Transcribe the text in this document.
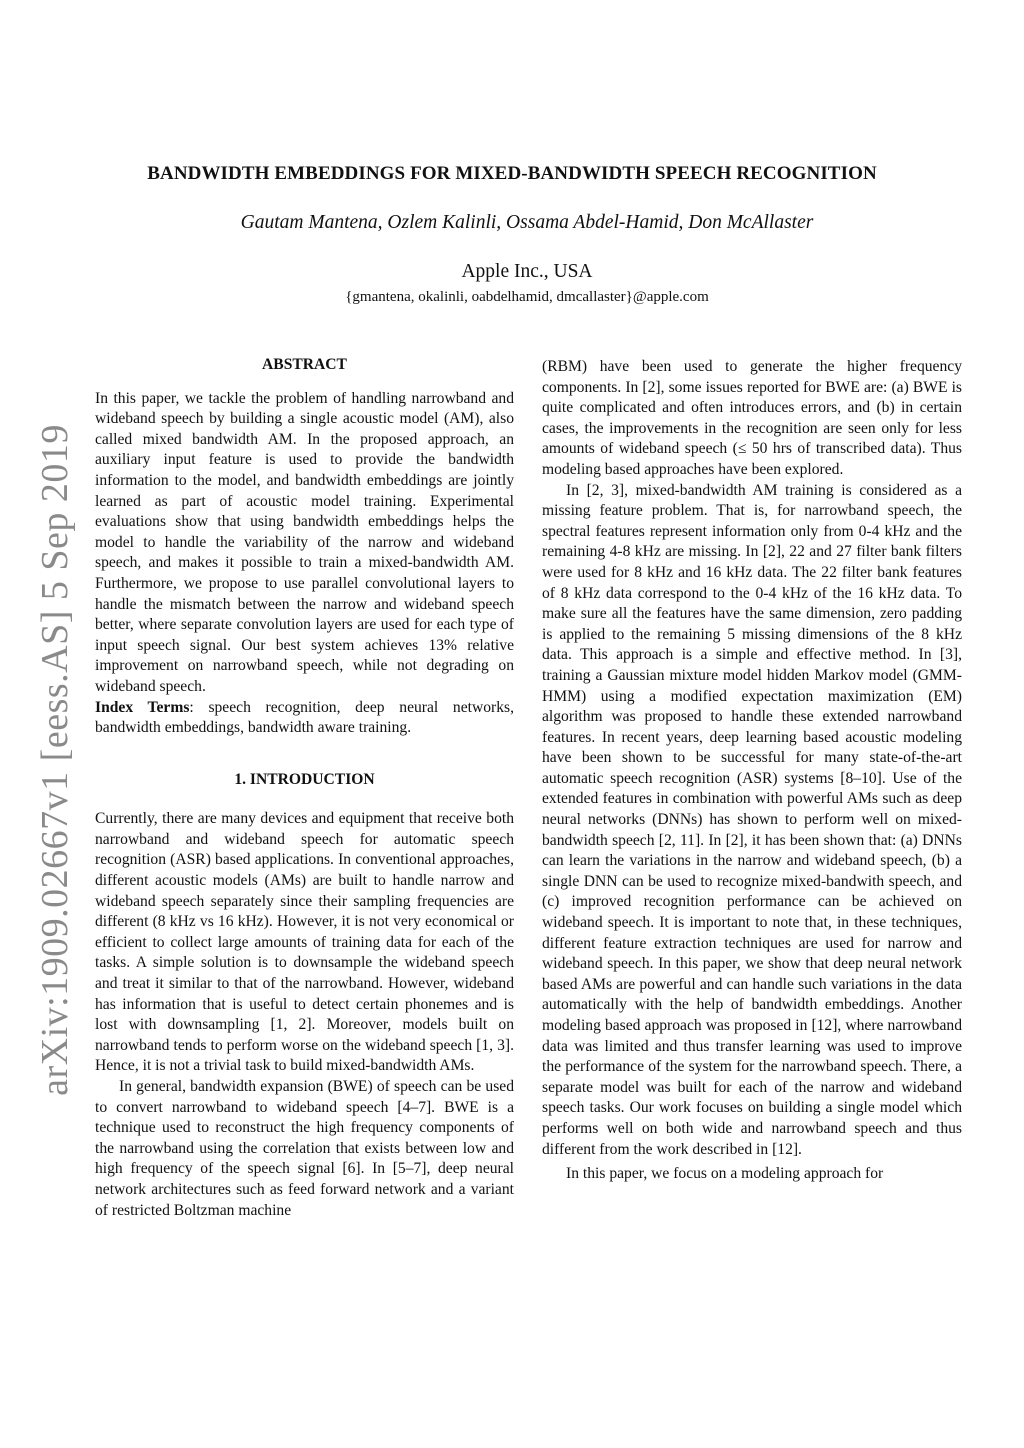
arXiv:1909.02667v1 [eess.AS] 5 Sep 2019
BANDWIDTH EMBEDDINGS FOR MIXED-BANDWIDTH SPEECH RECOGNITION
Gautam Mantena, Ozlem Kalinli, Ossama Abdel-Hamid, Don McAllaster
Apple Inc., USA
{gmantena, okalinli, oabdelhamid, dmcallaster}@apple.com
ABSTRACT

In this paper, we tackle the problem of handling narrowband and wideband speech by building a single acoustic model (AM), also called mixed bandwidth AM. In the proposed approach, an auxiliary input feature is used to provide the bandwidth information to the model, and bandwidth embeddings are jointly learned as part of acoustic model training. Experimental evaluations show that using bandwidth embeddings helps the model to handle the variability of the narrow and wideband speech, and makes it possible to train a mixed-bandwidth AM. Furthermore, we propose to use parallel convolutional layers to handle the mismatch between the narrow and wideband speech better, where separate convolution layers are used for each type of input speech signal. Our best system achieves 13% relative improvement on narrowband speech, while not degrading on wideband speech.

Index Terms: speech recognition, deep neural networks, bandwidth embeddings, bandwidth aware training.

1. INTRODUCTION

Currently, there are many devices and equipment that receive both narrowband and wideband speech for automatic speech recognition (ASR) based applications. In conventional approaches, different acoustic models (AMs) are built to handle narrow and wideband speech separately since their sampling frequencies are different (8 kHz vs 16 kHz). However, it is not very economical or efficient to collect large amounts of training data for each of the tasks. A simple solution is to downsample the wideband speech and treat it similar to that of the narrowband. However, wideband has information that is useful to detect certain phonemes and is lost with downsampling [1, 2]. Moreover, models built on narrowband tends to perform worse on the wideband speech [1, 3]. Hence, it is not a trivial task to build mixed-bandwidth AMs.

In general, bandwidth expansion (BWE) of speech can be used to convert narrowband to wideband speech [4–7]. BWE is a technique used to reconstruct the high frequency components of the narrowband using the correlation that exists between low and high frequency of the speech signal [6]. In [5–7], deep neural network architectures such as feed forward network and a variant of restricted Boltzman machine

(RBM) have been used to generate the higher frequency components. In [2], some issues reported for BWE are: (a) BWE is quite complicated and often introduces errors, and (b) in certain cases, the improvements in the recognition are seen only for less amounts of wideband speech (≤ 50 hrs of transcribed data). Thus modeling based approaches have been explored.

In [2, 3], mixed-bandwidth AM training is considered as a missing feature problem. That is, for narrowband speech, the spectral features represent information only from 0-4 kHz and the remaining 4-8 kHz are missing. In [2], 22 and 27 filter bank filters were used for 8 kHz and 16 kHz data. The 22 filter bank features of 8 kHz data correspond to the 0-4 kHz of the 16 kHz data. To make sure all the features have the same dimension, zero padding is applied to the remaining 5 missing dimensions of the 8 kHz data. This approach is a simple and effective method. In [3], training a Gaussian mixture model hidden Markov model (GMM-HMM) using a modified expectation maximization (EM) algorithm was proposed to handle these extended narrowband features. In recent years, deep learning based acoustic modeling have been shown to be successful for many state-of-the-art automatic speech recognition (ASR) systems [8–10]. Use of the extended features in combination with powerful AMs such as deep neural networks (DNNs) has shown to perform well on mixed-bandwidth speech [2, 11]. In [2], it has been shown that: (a) DNNs can learn the variations in the narrow and wideband speech, (b) a single DNN can be used to recognize mixed-bandwith speech, and (c) improved recognition performance can be achieved on wideband speech. It is important to note that, in these techniques, different feature extraction techniques are used for narrow and wideband speech. In this paper, we show that deep neural network based AMs are powerful and can handle such variations in the data automatically with the help of bandwidth embeddings. Another modeling based approach was proposed in [12], where narrowband data was limited and thus transfer learning was used to improve the performance of the system for the narrowband speech. There, a separate model was built for each of the narrow and wideband speech tasks. Our work focuses on building a single model which performs well on both wide and narrowband speech and thus different from the work described in [12].

In this paper, we focus on a modeling approach for
